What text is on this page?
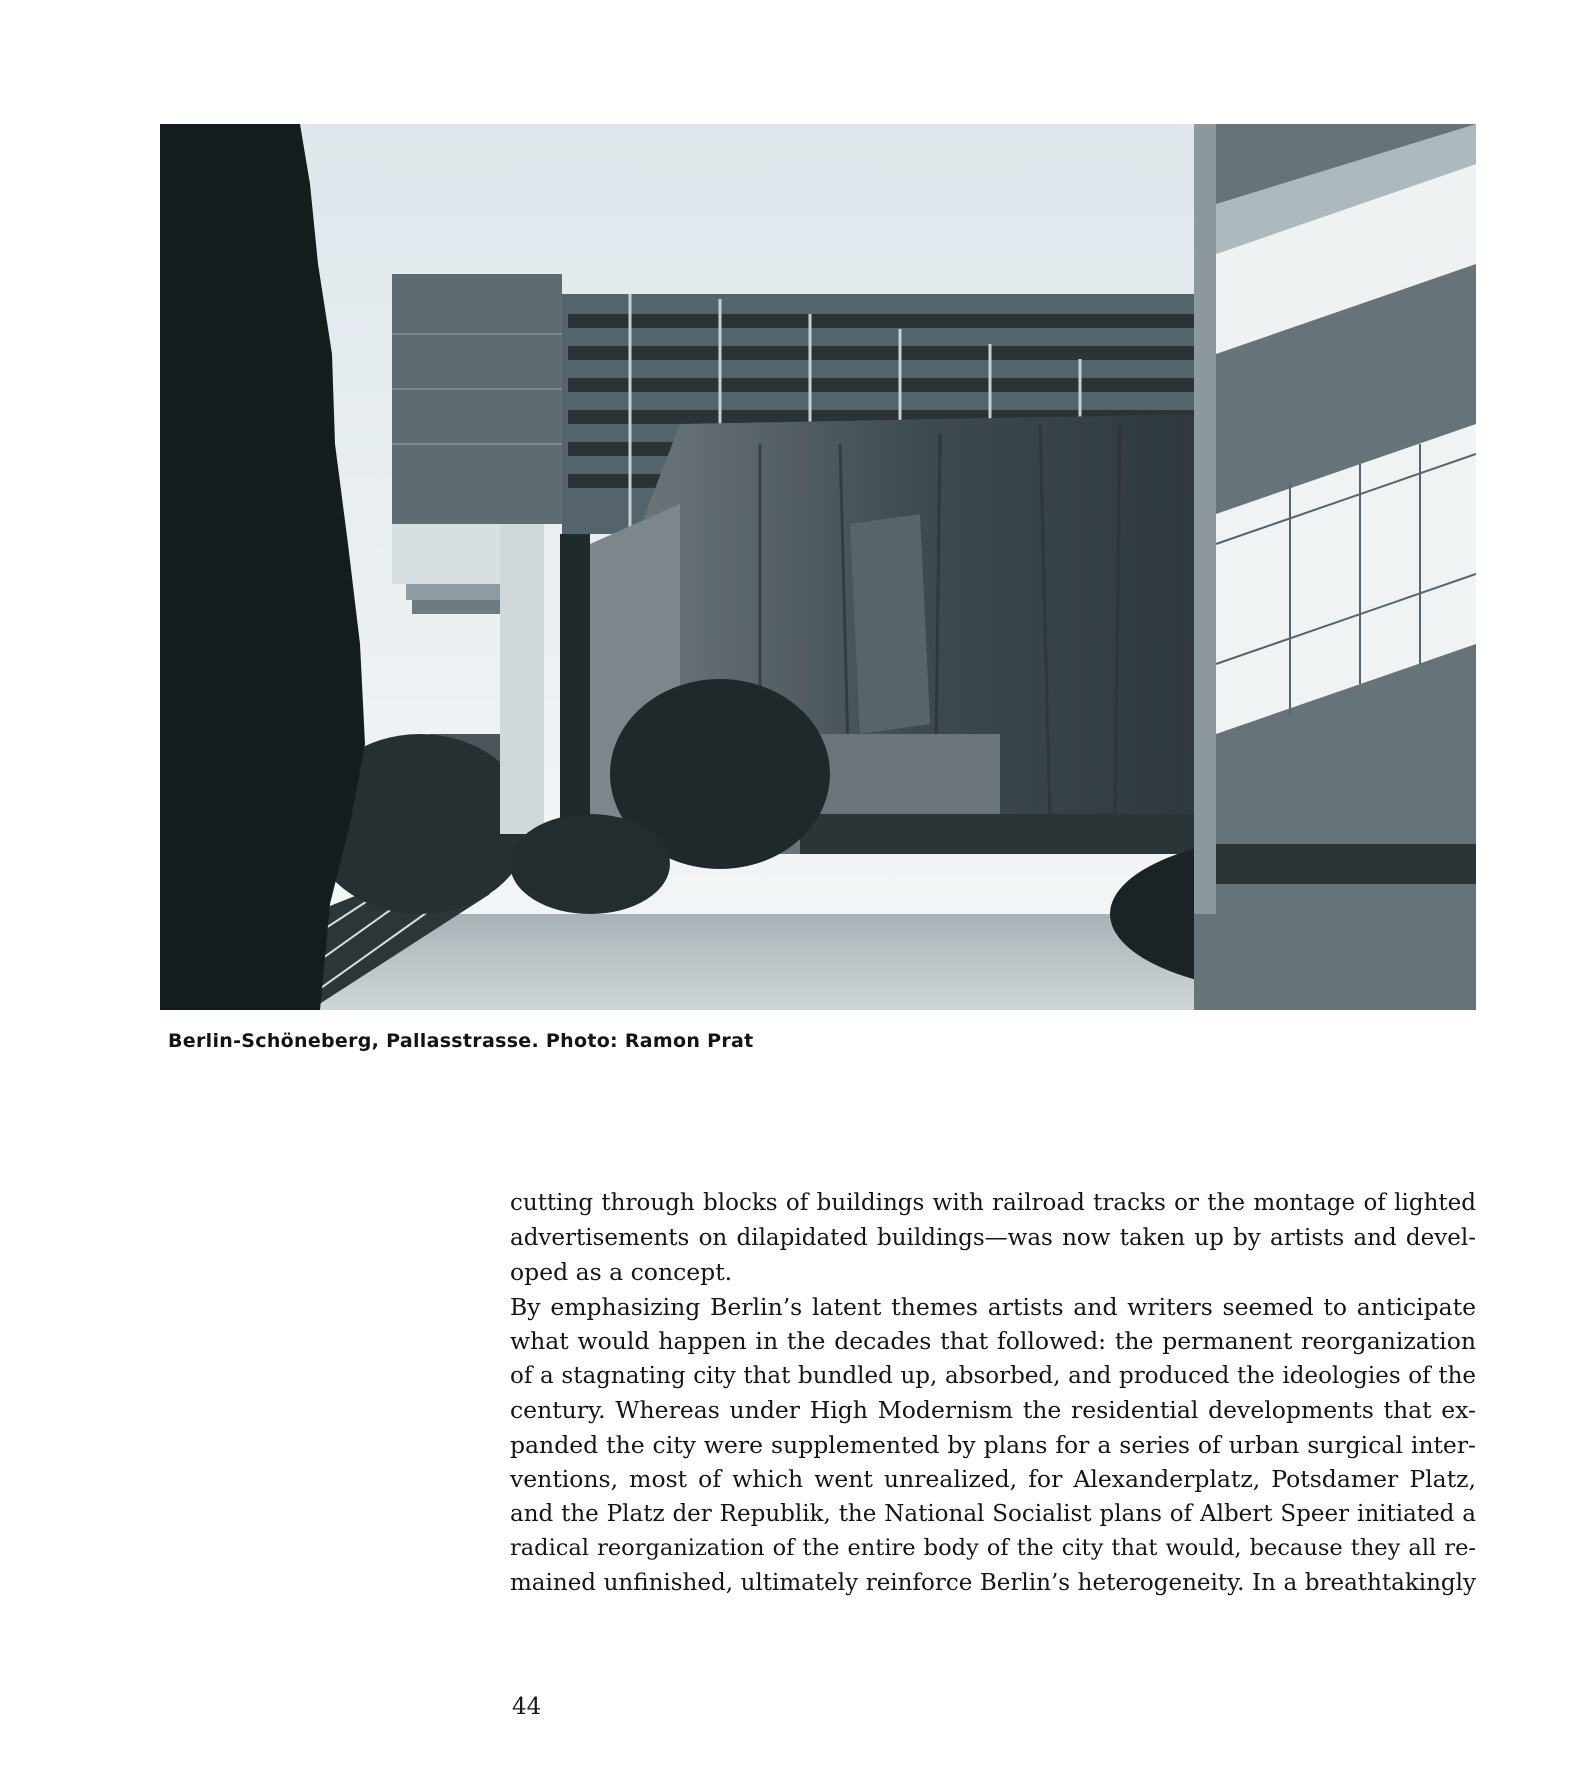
Berlin-Schöneberg, Pallasstrasse. Photo: Ramon Prat

cutting through blocks of buildings with railroad tracks or the montage of lighted
advertisements on dilapidated buildings—was now taken up by artists and devel-
oped as a concept.
By emphasizing Berlin’s latent themes artists and writers seemed to anticipate
what would happen in the decades that followed: the permanent reorganization
of a stagnating city that bundled up, absorbed, and produced the ideologies of the
century. Whereas under High Modernism the residential developments that ex-
panded the city were supplemented by plans for a series of urban surgical inter-
ventions, most of which went unrealized, for Alexanderplatz, Potsdamer Platz,
and the Platz der Republik, the National Socialist plans of Albert Speer initiated a
radical reorganization of the entire body of the city that would, because they all re-
mained unfinished, ultimately reinforce Berlin’s heterogeneity. In a breathtakingly

44
